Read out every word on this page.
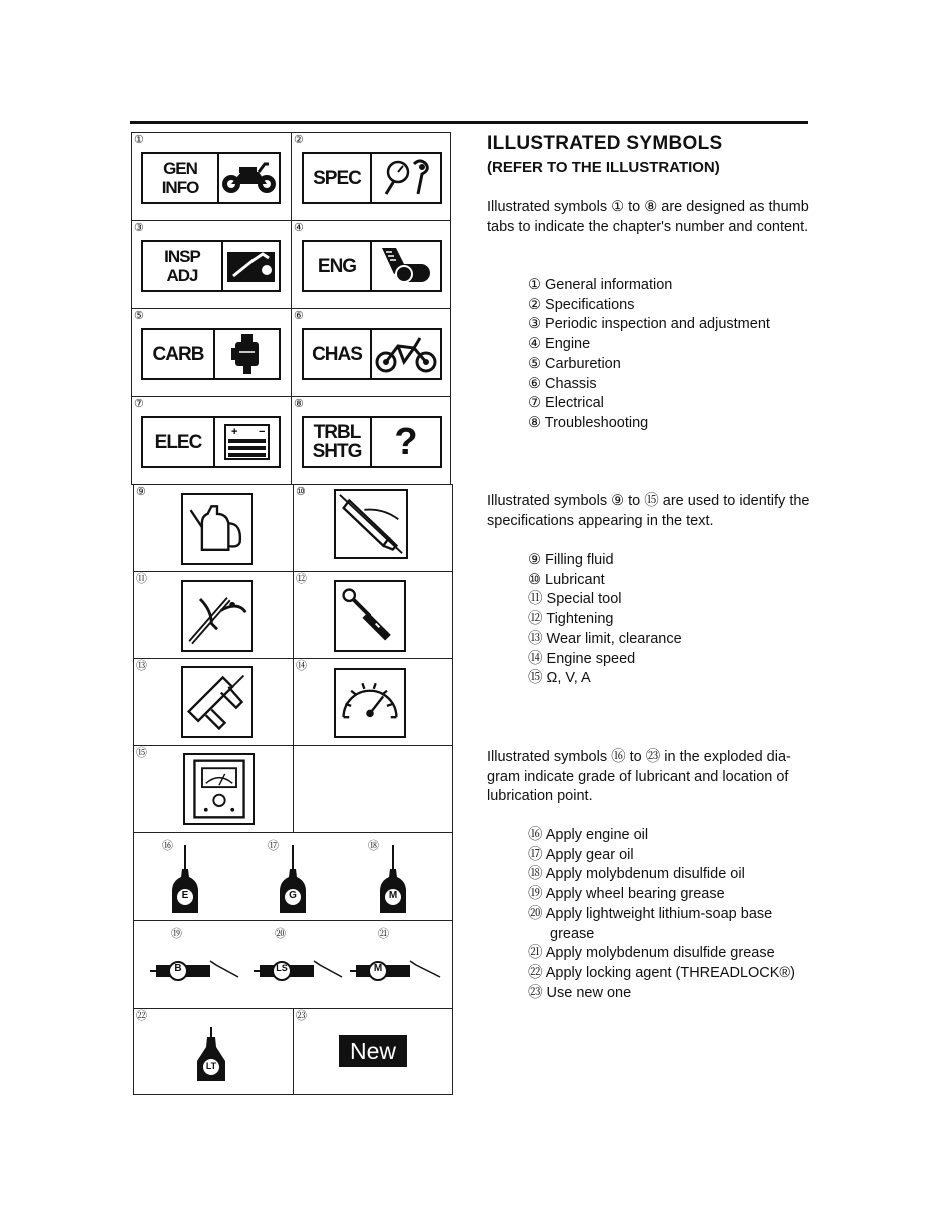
①
GEN INFO
②
SPEC
③
INSP ADJ
④
ENG
⑤
CARB
⑥
CHAS
⑦
ELEC	+ −
⑧
TRBL SHTG ?
⑨	⑩
⑪	⑫
⑬	⑭
⑮
⑯	⑰	⑱
E	G	M
⑲	⑳	㉑
B	LS	M
㉒
LT
㉓
New
ILLUSTRATED SYMBOLS
(REFER TO THE ILLUSTRATION)
Illustrated symbols ① to ⑧ are designed as thumb tabs to indicate the chapter's number and content.
① General information
② Specifications
③ Periodic inspection and adjustment
④ Engine
⑤ Carburetion
⑥ Chassis
⑦ Electrical
⑧ Troubleshooting
Illustrated symbols ⑨ to ⑮ are used to identify the specifications appearing in the text.
⑨ Filling fluid
⑩ Lubricant
⑪ Special tool
⑫ Tightening
⑬ Wear limit, clearance
⑭ Engine speed
⑮ Ω, V, A
Illustrated symbols ⑯ to ㉓ in the exploded dia- gram indicate grade of lubricant and location of lubrication point.
⑯ Apply engine oil
⑰ Apply gear oil
⑱ Apply molybdenum disulfide oil
⑲ Apply wheel bearing grease
⑳ Apply lightweight lithium-soap base
grease
㉑ Apply molybdenum disulfide grease
㉒ Apply locking agent (THREADLOCK®)
㉓ Use new one
